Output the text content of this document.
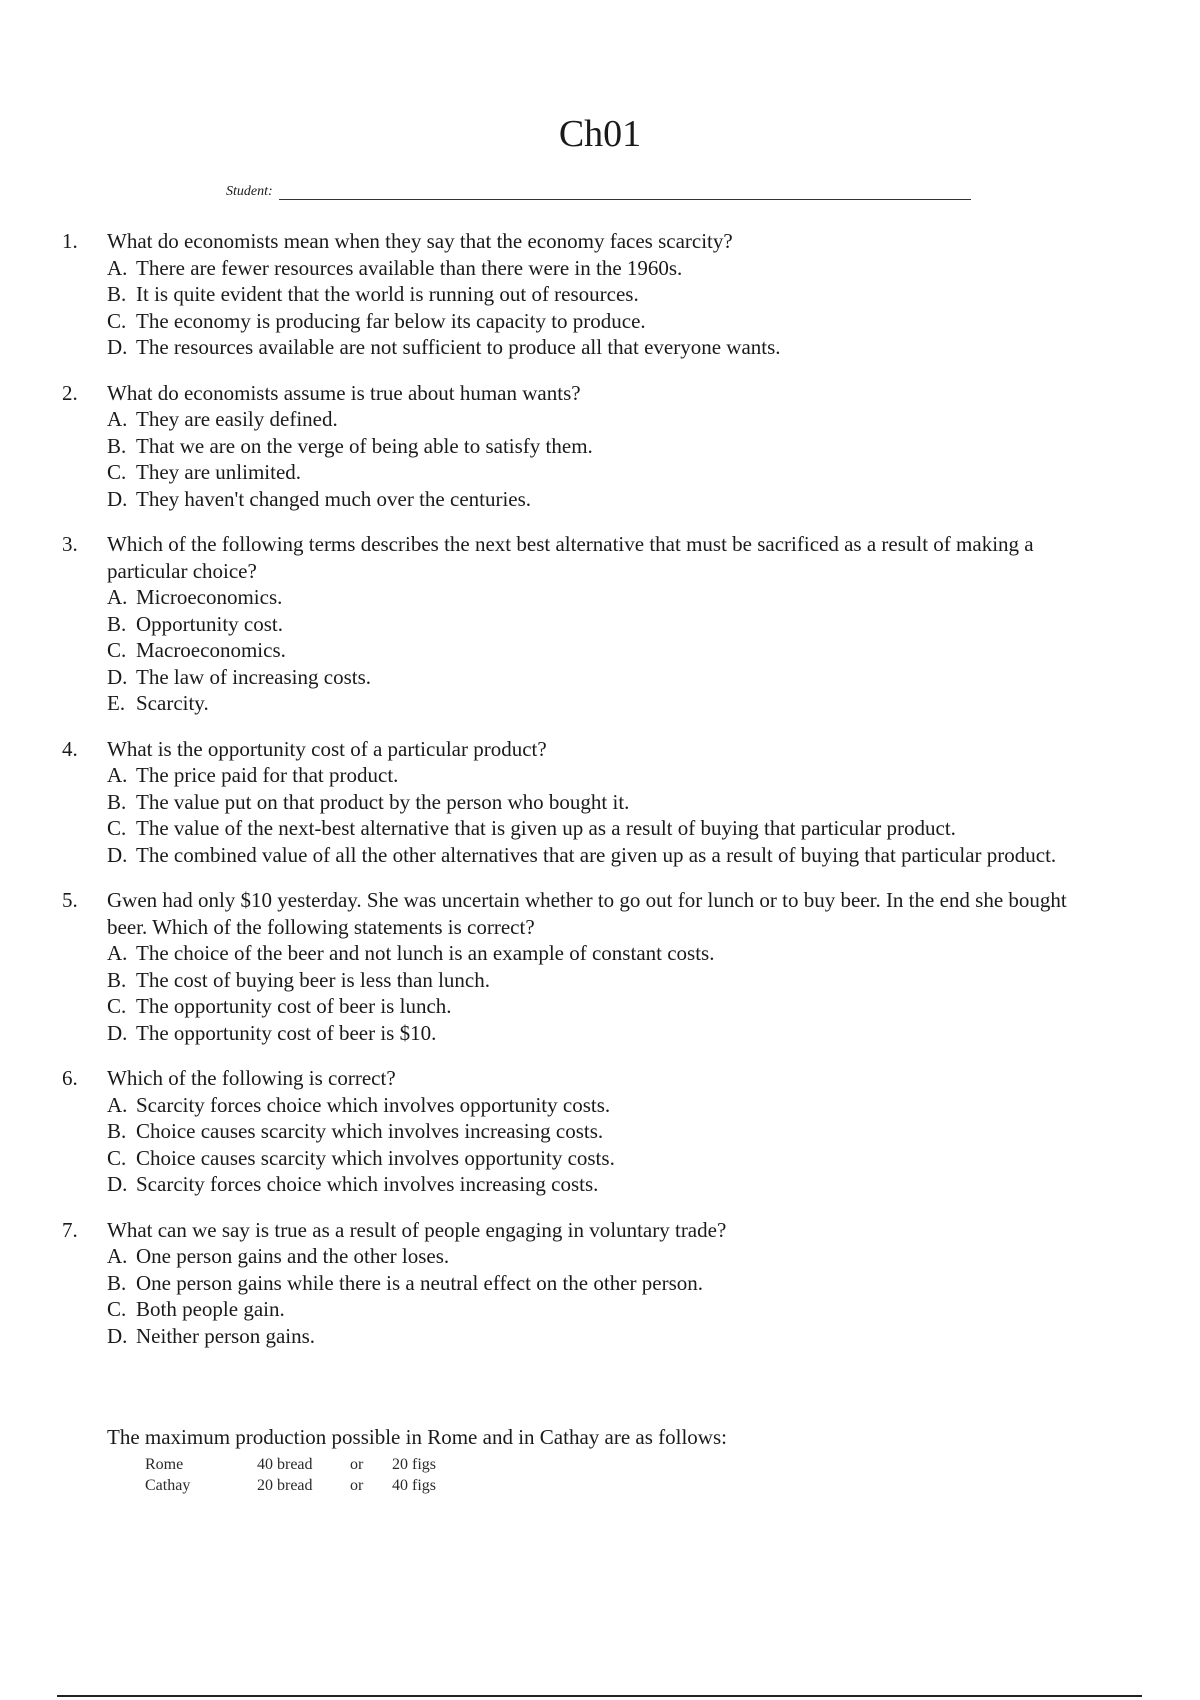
Ch01
Student:
1.	What do economists mean when they say that the economy faces scarcity?
A. There are fewer resources available than there were in the 1960s.
B. It is quite evident that the world is running out of resources.
C. The economy is producing far below its capacity to produce.
D. The resources available are not sufficient to produce all that everyone wants.
2.	What do economists assume is true about human wants?
A. They are easily defined.
B. That we are on the verge of being able to satisfy them.
C. They are unlimited.
D. They haven't changed much over the centuries.
3.	Which of the following terms describes the next best alternative that must be sacrificed as a result of making a particular choice?
A. Microeconomics.
B. Opportunity cost.
C. Macroeconomics.
D. The law of increasing costs.
E. Scarcity.
4.	What is the opportunity cost of a particular product?
A. The price paid for that product.
B. The value put on that product by the person who bought it.
C. The value of the next-best alternative that is given up as a result of buying that particular product.
D. The combined value of all the other alternatives that are given up as a result of buying that particular product.
5.	Gwen had only $10 yesterday. She was uncertain whether to go out for lunch or to buy beer. In the end she bought beer. Which of the following statements is correct?
A. The choice of the beer and not lunch is an example of constant costs.
B. The cost of buying beer is less than lunch.
C. The opportunity cost of beer is lunch.
D. The opportunity cost of beer is $10.
6.	Which of the following is correct?
A. Scarcity forces choice which involves opportunity costs.
B. Choice causes scarcity which involves increasing costs.
C. Choice causes scarcity which involves opportunity costs.
D. Scarcity forces choice which involves increasing costs.
7.	What can we say is true as a result of people engaging in voluntary trade?
A. One person gains and the other loses.
B. One person gains while there is a neutral effect on the other person.
C. Both people gain.
D. Neither person gains.
The maximum production possible in Rome and in Cathay are as follows:
Rome	40 bread	or	20 figs
Cathay	20 bread	or	40 figs
